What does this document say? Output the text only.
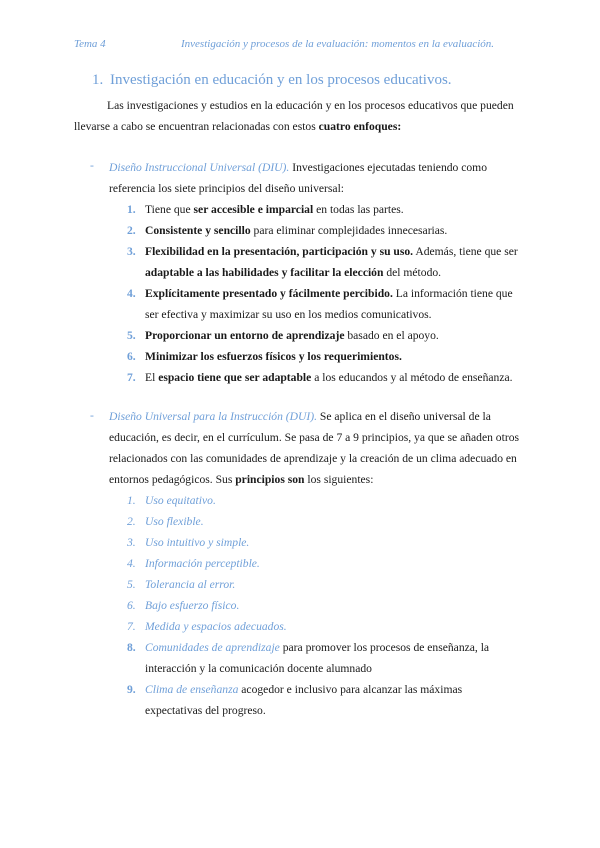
Tema 4	Investigación y procesos de la evaluación: momentos en la evaluación.
1. Investigación en educación y en los procesos educativos.
Las investigaciones y estudios en la educación y en los procesos educativos que pueden llevarse a cabo se encuentran relacionadas con estos cuatro enfoques:
- Diseño Instruccional Universal (DIU). Investigaciones ejecutadas teniendo como referencia los siete principios del diseño universal:
1. Tiene que ser accesible e imparcial en todas las partes.
2. Consistente y sencillo para eliminar complejidades innecesarias.
3. Flexibilidad en la presentación, participación y su uso. Además, tiene que ser adaptable a las habilidades y facilitar la elección del método.
4. Explícitamente presentado y fácilmente percibido. La información tiene que ser efectiva y maximizar su uso en los medios comunicativos.
5. Proporcionar un entorno de aprendizaje basado en el apoyo.
6. Minimizar los esfuerzos físicos y los requerimientos.
7. El espacio tiene que ser adaptable a los educandos y al método de enseñanza.
- Diseño Universal para la Instrucción (DUI). Se aplica en el diseño universal de la educación, es decir, en el currículum. Se pasa de 7 a 9 principios, ya que se añaden otros relacionados con las comunidades de aprendizaje y la creación de un clima adecuado en entornos pedagógicos. Sus principios son los siguientes:
1. Uso equitativo.
2. Uso flexible.
3. Uso intuitivo y simple.
4. Información perceptible.
5. Tolerancia al error.
6. Bajo esfuerzo físico.
7. Medida y espacios adecuados.
8. Comunidades de aprendizaje para promover los procesos de enseñanza, la interacción y la comunicación docente alumnado
9. Clima de enseñanza acogedor e inclusivo para alcanzar las máximas expectativas del progreso.
